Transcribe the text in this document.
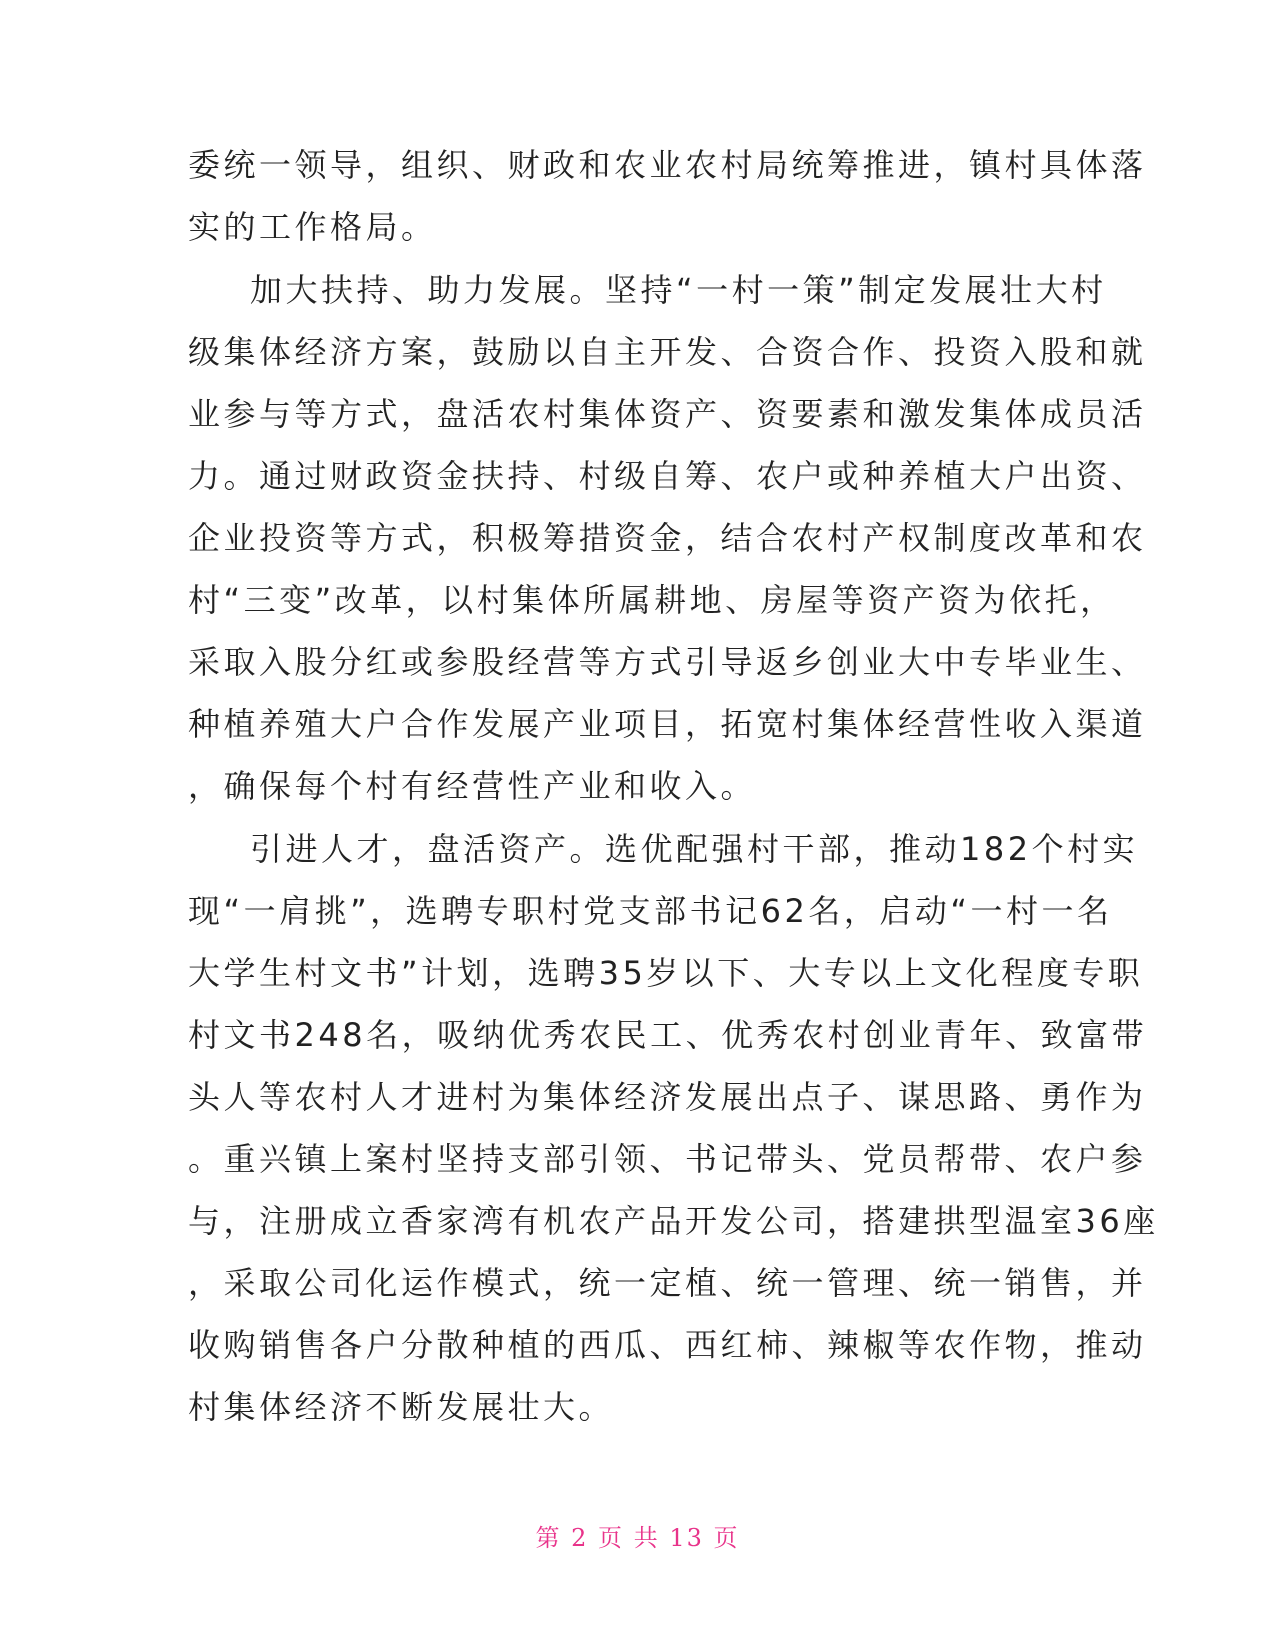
委统一领导，组织、财政和农业农村局统筹推进，镇村具体落
实的工作格局。
加大扶持、助力发展。坚持“一村一策”制定发展壮大村
级集体经济方案，鼓励以自主开发、合资合作、投资入股和就
业参与等方式，盘活农村集体资产、资要素和激发集体成员活
力。通过财政资金扶持、村级自筹、农户或种养植大户出资、
企业投资等方式，积极筹措资金，结合农村产权制度改革和农
村“三变”改革，以村集体所属耕地、房屋等资产资为依托，
采取入股分红或参股经营等方式引导返乡创业大中专毕业生、
种植养殖大户合作发展产业项目，拓宽村集体经营性收入渠道
，确保每个村有经营性产业和收入。
引进人才，盘活资产。选优配强村干部，推动182个村实
现“一肩挑”，选聘专职村党支部书记62名，启动“一村一名
大学生村文书”计划，选聘35岁以下、大专以上文化程度专职
村文书248名，吸纳优秀农民工、优秀农村创业青年、致富带
头人等农村人才进村为集体经济发展出点子、谋思路、勇作为
。重兴镇上案村坚持支部引领、书记带头、党员帮带、农户参
与，注册成立香家湾有机农产品开发公司，搭建拱型温室36座
，采取公司化运作模式，统一定植、统一管理、统一销售，并
收购销售各户分散种植的西瓜、西红柿、辣椒等农作物，推动
村集体经济不断发展壮大。
第 2 页 共 13 页
